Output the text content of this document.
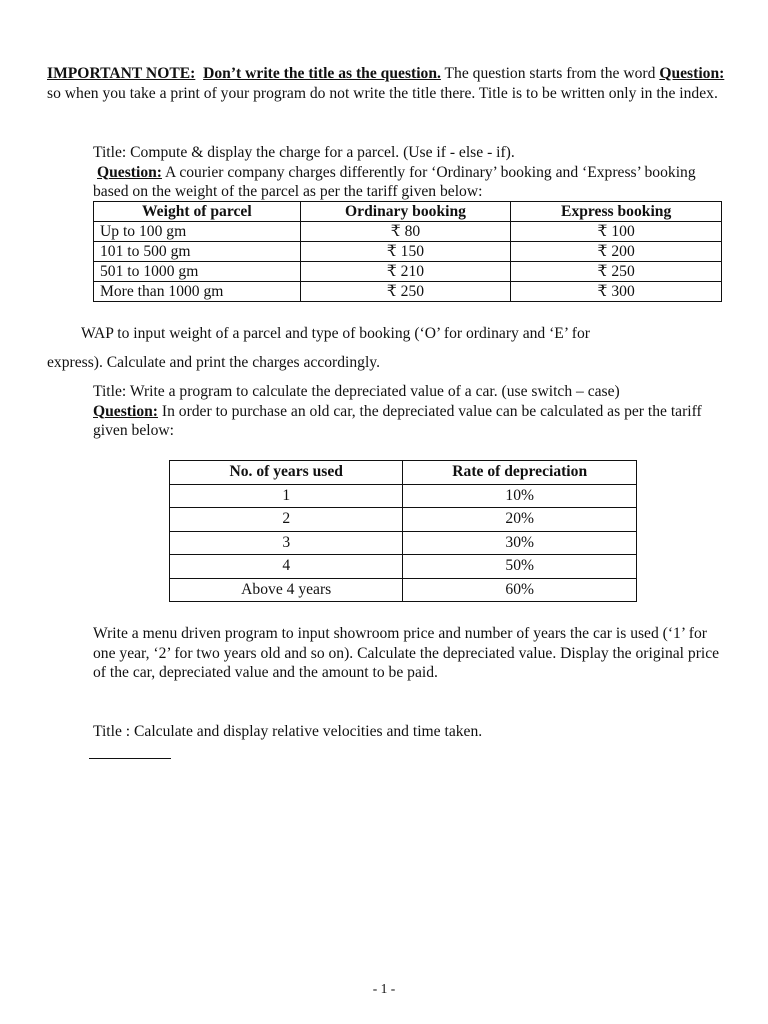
IMPORTANT NOTE: Don’t write the title as the question. The question starts from the word Question: so when you take a print of your program do not write the title there. Title is to be written only in the index.

Title: Compute & display the charge for a parcel. (Use if - else - if).

Question: A courier company charges differently for ‘Ordinary’ booking and ‘Express’ booking based on the weight of the parcel as per the tariff given below:

Weight of parcel	Ordinary booking	Express booking
Up to 100 gm	₹ 80	₹ 100
101 to 500 gm	₹ 150	₹ 200
501 to 1000 gm	₹ 210	₹ 250
More than 1000 gm	₹ 250	₹ 300

WAP to input weight of a parcel and type of booking (‘O’ for ordinary and ‘E’ for

express). Calculate and print the charges accordingly.

Title: Write a program to calculate the depreciated value of a car. (use switch – case)

Question: In order to purchase an old car, the depreciated value can be calculated as per the tariff given below:

No. of years used	Rate of depreciation
1	10%
2	20%
3	30%
4	50%
Above 4 years	60%

Write a menu driven program to input showroom price and number of years the car is used (‘1’ for one year, ‘2’ for two years old and so on). Calculate the depreciated value. Display the original price of the car, depreciated value and the amount to be paid.

Title : Calculate and display relative velocities and time taken.

- 1 -
